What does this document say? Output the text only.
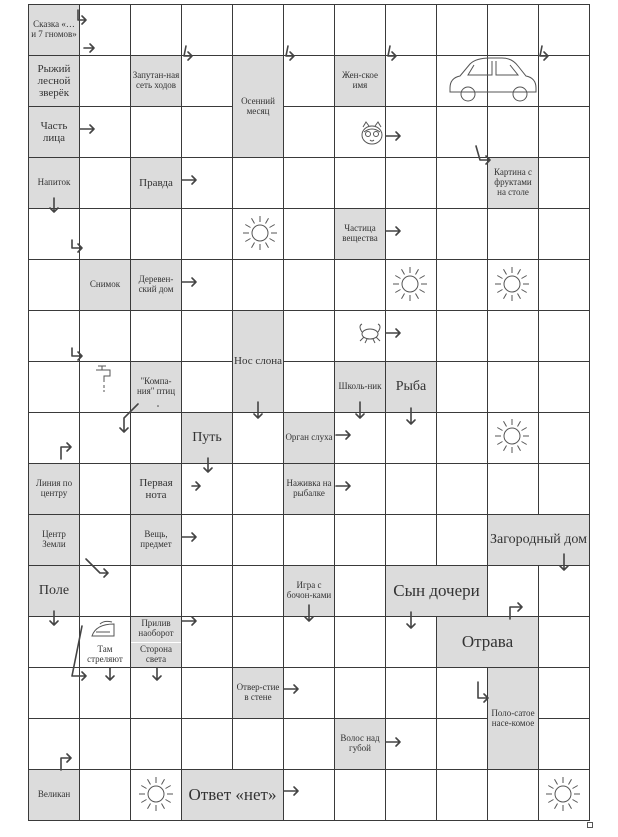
Сказка «… и 7 гномов»
Рыжий лесной зверёк
Часть лица
Напиток
Линия по центру
Центр Земли
Поле
Великан
Снимок
Там стреляют
Запутан-ная сеть ходов
Правда
Деревен-ский дом
"Компа-ния" птиц
Первая нота
Вещь, предмет
Прилив наоборот
Сторона света
Путь
Ответ «нет»
Осенний месяц
Нос слона
Отвер-стие в стене
Орган слуха
Наживка на рыбалке
Игра с бочон-ками
Жен-ское имя
Частица вещества
Школь-ник
Волос над губой
Рыба
Сын дочери
Отрава
Картина с фруктами на столе
Загородный дом
Поло-сатое насе-комое
